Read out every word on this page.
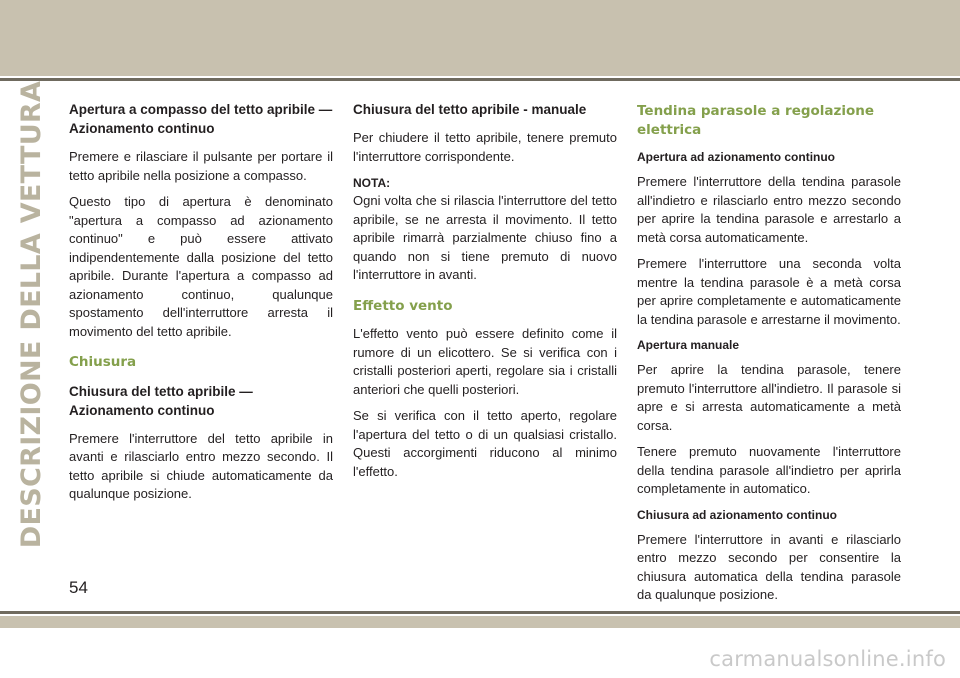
DESCRIZIONE DELLA VETTURA Apertura a compasso del tetto apribile — Azionamento continuo

Premere e rilasciare il pulsante per portare il tetto apribile nella posizione a compasso.

Questo tipo di apertura è denominato "apertura a compasso ad azionamento continuo" e può essere attivato indipendentemente dalla posizione del tetto apribile. Durante l'apertura a compasso ad azionamento continuo, qualunque spostamento dell'interruttore arresta il movimento del tetto apribile.

Chiusura
Chiusura del tetto apribile — Azionamento continuo

Premere l'interruttore del tetto apribile in avanti e rilasciarlo entro mezzo secondo. Il tetto apribile si chiude automaticamente da qualunque posizione.

Chiusura del tetto apribile - manuale

Per chiudere il tetto apribile, tenere premuto l'interruttore corrispondente.

NOTA:
Ogni volta che si rilascia l'interruttore del tetto apribile, se ne arresta il movimento. Il tetto apribile rimarrà parzialmente chiuso fino a quando non si tiene premuto di nuovo l'interruttore in avanti.

Effetto vento

L'effetto vento può essere definito come il rumore di un elicottero. Se si verifica con i cristalli posteriori aperti, regolare sia i cristalli anteriori che quelli posteriori.

Se si verifica con il tetto aperto, regolare l'apertura del tetto o di un qualsiasi cristallo. Questi accorgimenti riducono al minimo l'effetto.

Tendina parasole a regolazione elettrica
Apertura ad azionamento continuo

Premere l'interruttore della tendina parasole all'indietro e rilasciarlo entro mezzo secondo per aprire la tendina parasole e arrestarlo a metà corsa automaticamente.

Premere l'interruttore una seconda volta mentre la tendina parasole è a metà corsa per aprire completamente e automaticamente la tendina parasole e arrestarne il movimento.

Apertura manuale

Per aprire la tendina parasole, tenere premuto l'interruttore all'indietro. Il parasole si apre e si arresta automaticamente a metà corsa.

Tenere premuto nuovamente l'interruttore della tendina parasole all'indietro per aprirla completamente in automatico.

Chiusura ad azionamento continuo

Premere l'interruttore in avanti e rilasciarlo entro mezzo secondo per consentire la chiusura automatica della tendina parasole da qualunque posizione.

54
carmanualsonline.info
